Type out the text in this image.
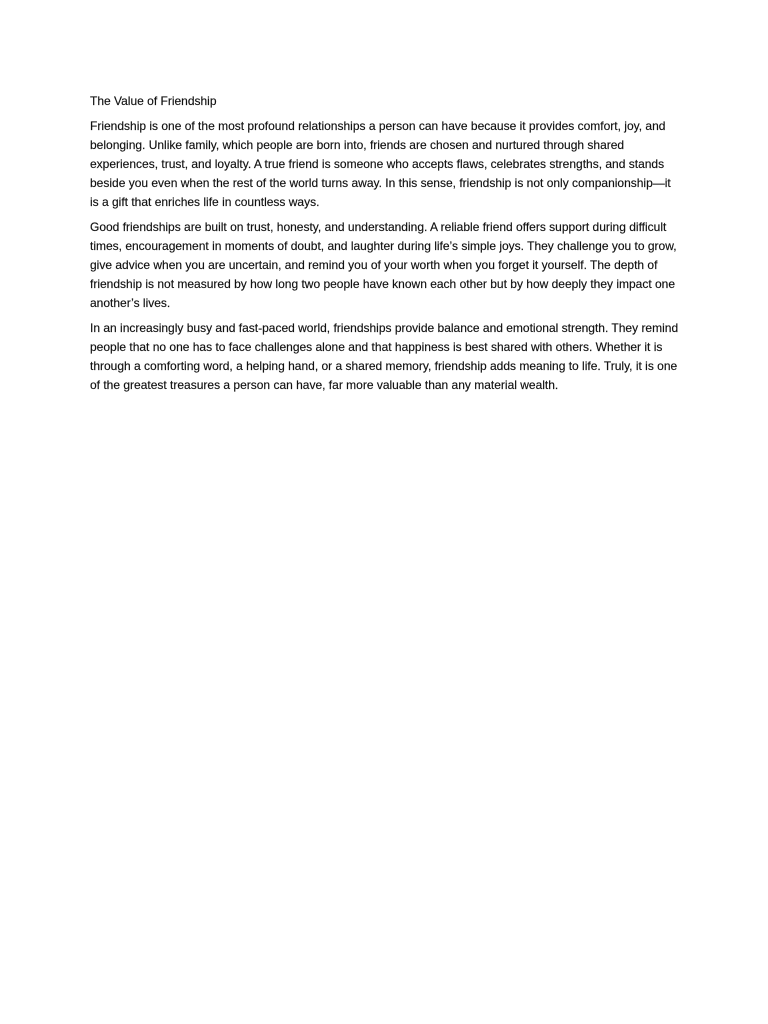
The Value of Friendship

Friendship is one of the most profound relationships a person can have because it provides comfort, joy, and belonging. Unlike family, which people are born into, friends are chosen and nurtured through shared experiences, trust, and loyalty. A true friend is someone who accepts flaws, celebrates strengths, and stands beside you even when the rest of the world turns away. In this sense, friendship is not only companionship—it is a gift that enriches life in countless ways.

Good friendships are built on trust, honesty, and understanding. A reliable friend offers support during difficult times, encouragement in moments of doubt, and laughter during life’s simple joys. They challenge you to grow, give advice when you are uncertain, and remind you of your worth when you forget it yourself. The depth of friendship is not measured by how long two people have known each other but by how deeply they impact one another’s lives.

In an increasingly busy and fast-paced world, friendships provide balance and emotional strength. They remind people that no one has to face challenges alone and that happiness is best shared with others. Whether it is through a comforting word, a helping hand, or a shared memory, friendship adds meaning to life. Truly, it is one of the greatest treasures a person can have, far more valuable than any material wealth.
